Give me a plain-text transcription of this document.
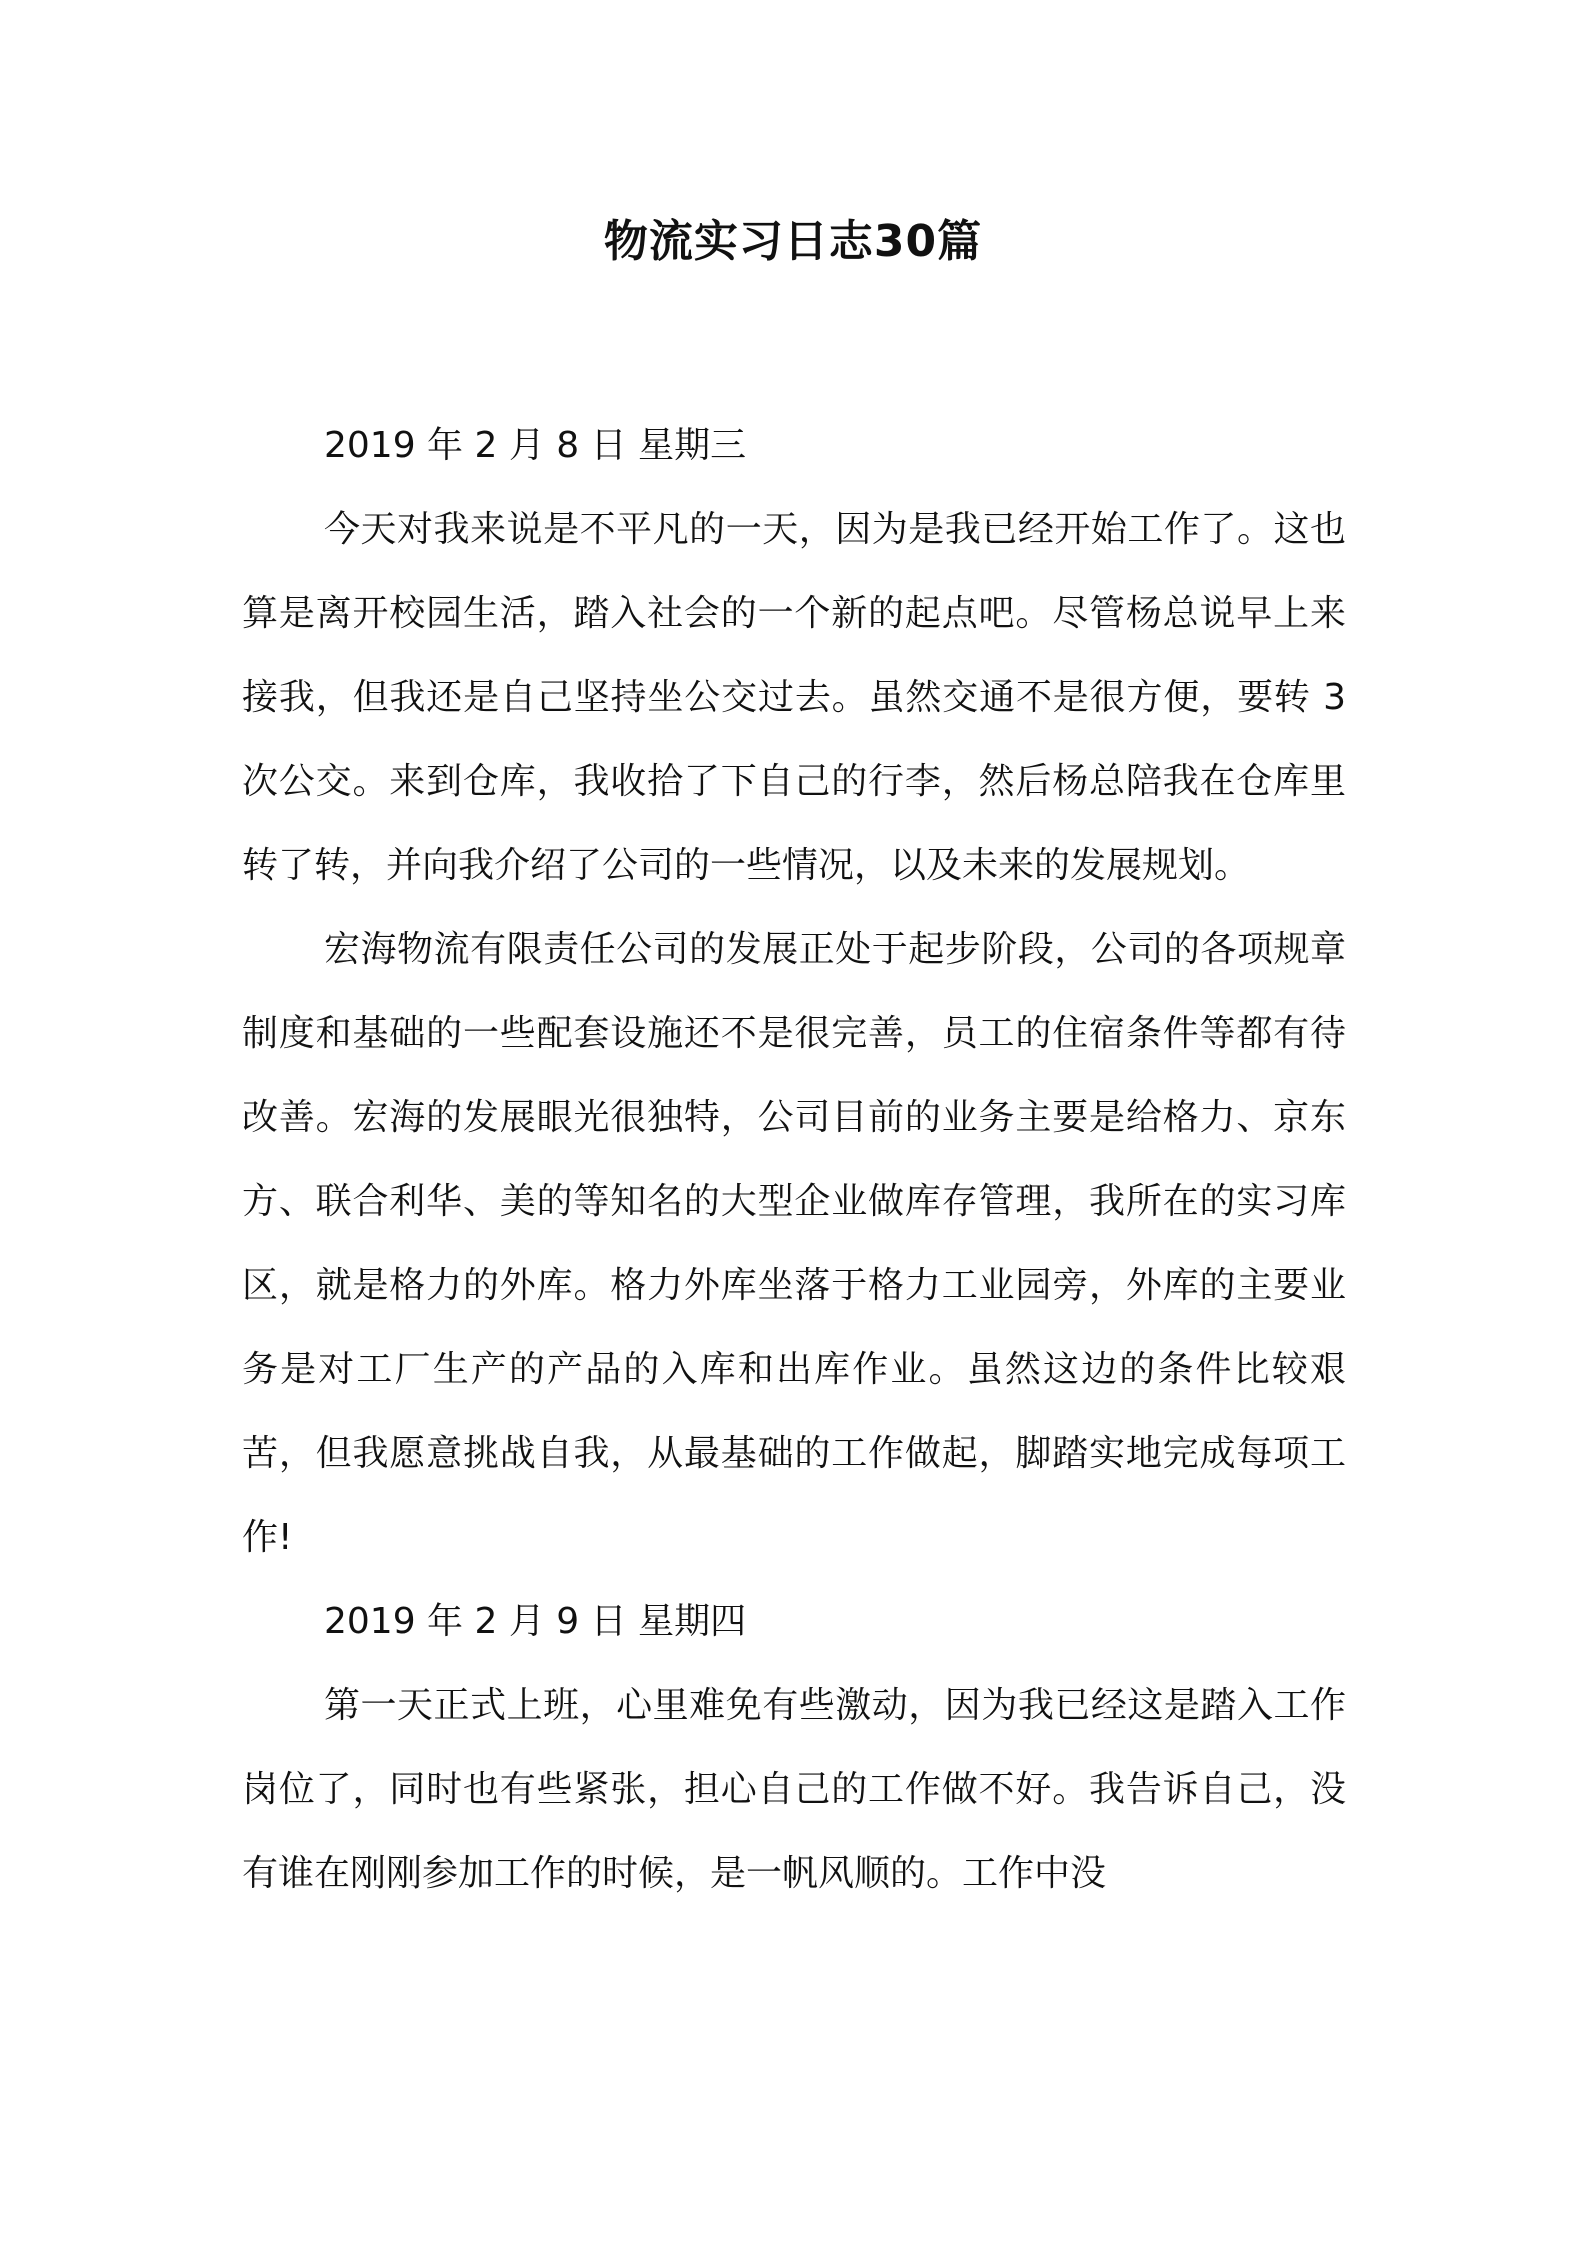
物流实习日志30篇

2019 年 2 月 8 日 星期三

今天对我来说是不平凡的一天，因为是我已经开始工作了。这也算是离开校园生活，踏入社会的一个新的起点吧。尽管杨总说早上来接我，但我还是自己坚持坐公交过去。虽然交通不是很方便，要转 3 次公交。来到仓库，我收拾了下自己的行李，然后杨总陪我在仓库里转了转，并向我介绍了公司的一些情况，以及未来的发展规划。

宏海物流有限责任公司的发展正处于起步阶段，公司的各项规章制度和基础的一些配套设施还不是很完善，员工的住宿条件等都有待改善。宏海的发展眼光很独特，公司目前的业务主要是给格力、京东方、联合利华、美的等知名的大型企业做库存管理，我所在的实习库区，就是格力的外库。格力外库坐落于格力工业园旁，外库的主要业务是对工厂生产的产品的入库和出库作业。虽然这边的条件比较艰苦，但我愿意挑战自我，从最基础的工作做起，脚踏实地完成每项工作!

2019 年 2 月 9 日 星期四

第一天正式上班，心里难免有些激动，因为我已经这是踏入工作岗位了，同时也有些紧张，担心自己的工作做不好。我告诉自己，没有谁在刚刚参加工作的时候，是一帆风顺的。工作中没
